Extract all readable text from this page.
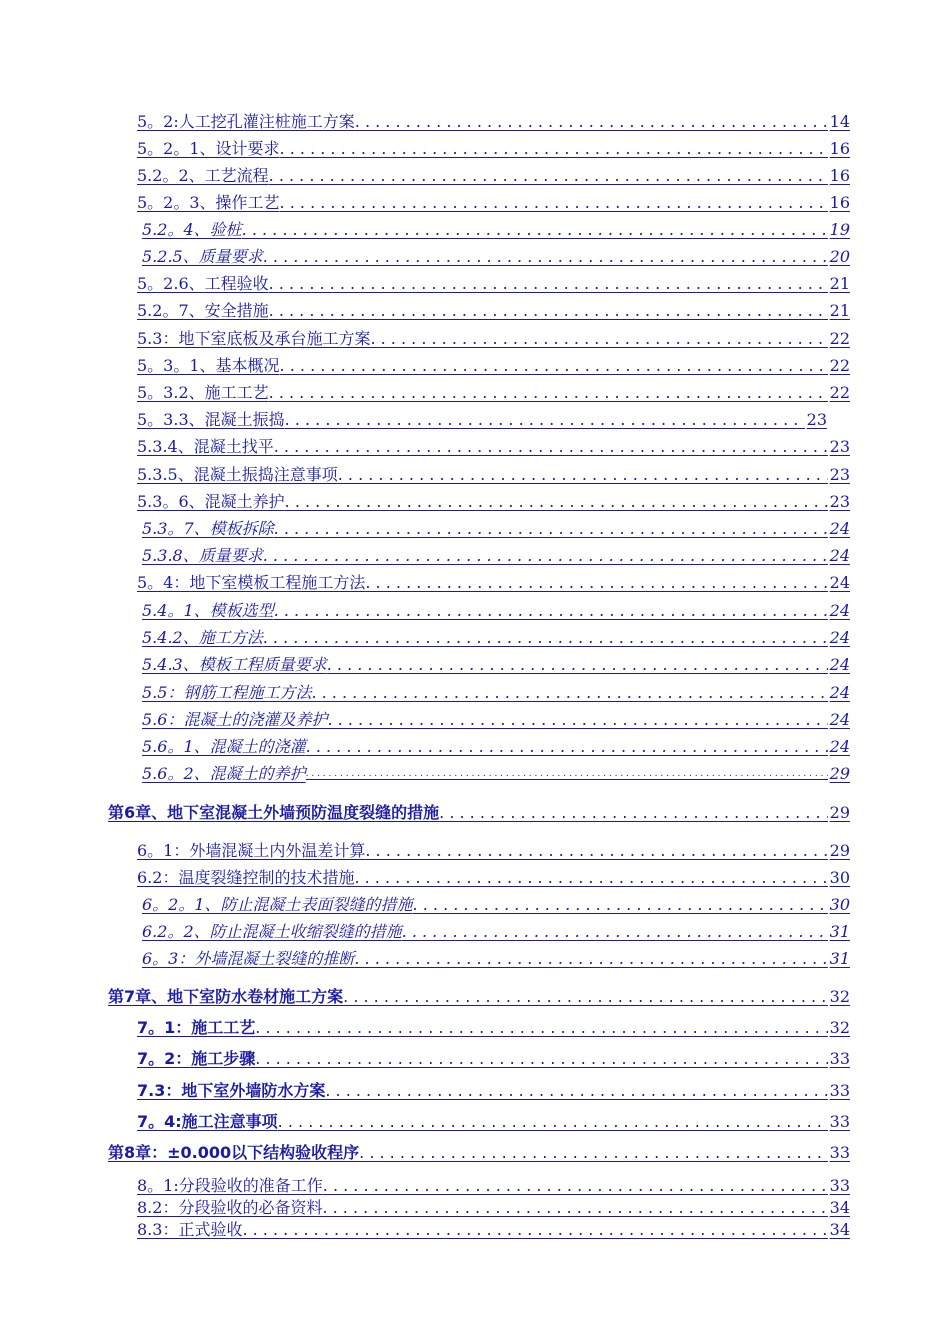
5。2:人工挖孔灌注桩施工方案 . . .	14
5。2。1、设计要求 . . .	16
5.2。2、工艺流程 . . .	16
5。2。3、操作工艺 . . .	16
5.2。4、验桩 . . .	19
5.2.5、质量要求 . . .	20
5。2.6、工程验收 . . .	21
5.2。7、安全措施 . . .	21
5.3：地下室底板及承台施工方案 . . .	22
5。3。1、基本概况 . . .	22
5。3.2、施工工艺 . . .	22
5。3.3、混凝土振捣 . . .	23
5.3.4、混凝土找平 . . .	23
5.3.5、混凝土振捣注意事项 . . .	23
5.3。6、混凝土养护 . . .	23
5.3。7、模板拆除 . . .	24
5.3.8、质量要求 . . .	24
5。4：地下室模板工程施工方法 . . .	24
5.4。1、模板选型 . . .	24
5.4.2、施工方法 . . .	24
5.4.3、模板工程质量要求 . . .	24
5.5：钢筋工程施工方法 . . .	24
5.6：混凝土的浇灌及养护 . . .	24
5.6。1、混凝土的浇灌 . . .	24
5.6。2、混凝土的养护 . . .	29
第6章、地下室混凝土外墙预防温度裂缝的措施 . . .	29
6。1：外墙混凝土内外温差计算 . . .	29
6.2：温度裂缝控制的技术措施 . . .	30
6。2。1、防止混凝土表面裂缝的措施 . . .	30
6.2。2、防止混凝土收缩裂缝的措施 . . .	31
6。3：外墙混凝土裂缝的推断 . . .	31
第7章、地下室防水卷材施工方案 . . .	32
7。1：施工工艺 . . .	32
7。2：施工步骤 . . .	33
7.3：地下室外墙防水方案 . . .	33
7。4:施工注意事项 . . .	33
第8章：±0.000以下结构验收程序 . . .	33
8。1:分段验收的准备工作 . . .	33
8.2：分段验收的必备资料 . . .	34
8.3：正式验收 . . .	34
